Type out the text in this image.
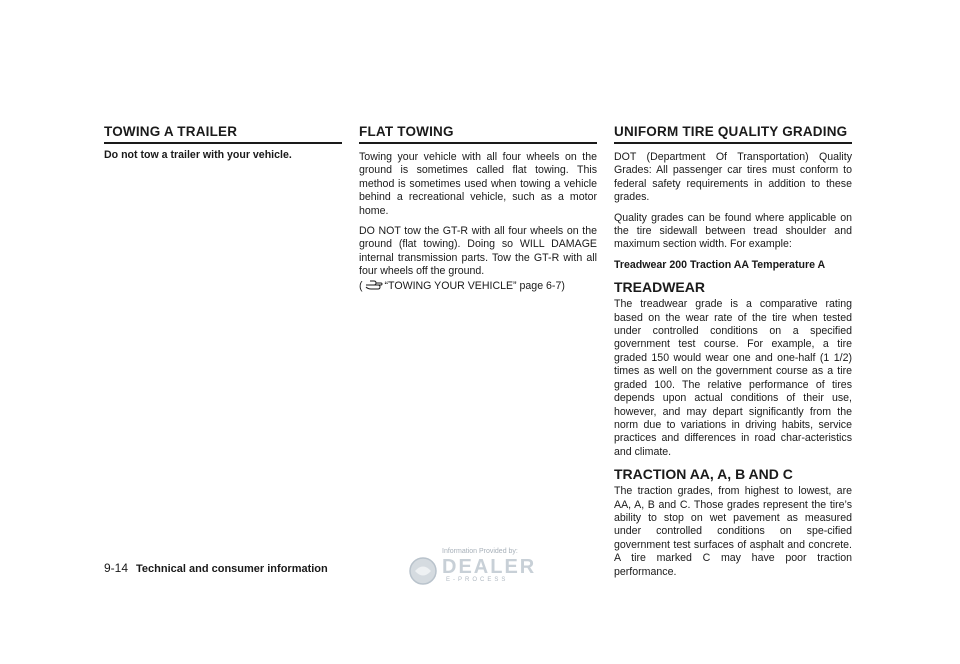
TOWING A TRAILER
Do not tow a trailer with your vehicle.
FLAT TOWING

Towing your vehicle with all four wheels on the ground is sometimes called flat towing. This method is sometimes used when towing a vehicle behind a recreational vehicle, such as a motor home.

DO NOT tow the GT-R with all four wheels on the ground (flat towing). Doing so WILL DAMAGE internal transmission parts. Tow the GT-R with all four wheels off the ground.
( “TOWING YOUR VEHICLE” page 6-7)

UNIFORM TIRE QUALITY GRADING

DOT (Department Of Transportation) Quality Grades: All passenger car tires must conform to federal safety requirements in addition to these grades.

Quality grades can be found where applicable on the tire sidewall between tread shoulder and maximum section width. For example:

Treadwear 200 Traction AA Temperature A

TREADWEAR

The treadwear grade is a comparative rating based on the wear rate of the tire when tested under controlled conditions on a specified government test course. For example, a tire graded 150 would wear one and one-half (1 1/2) times as well on the government course as a tire graded 100. The relative performance of tires depends upon actual conditions of their use, however, and may depart significantly from the norm due to variations in driving habits, service practices and differences in road char-acteristics and climate.

TRACTION AA, A, B AND C

The traction grades, from highest to lowest, are AA, A, B and C. Those grades represent the tire’s ability to stop on wet pavement as measured under controlled conditions on spe-cified government test surfaces of asphalt and concrete. A tire marked C may have poor traction performance.

9-14 Technical and consumer information
Information Provided by:
DEALER
E-PROCESS
